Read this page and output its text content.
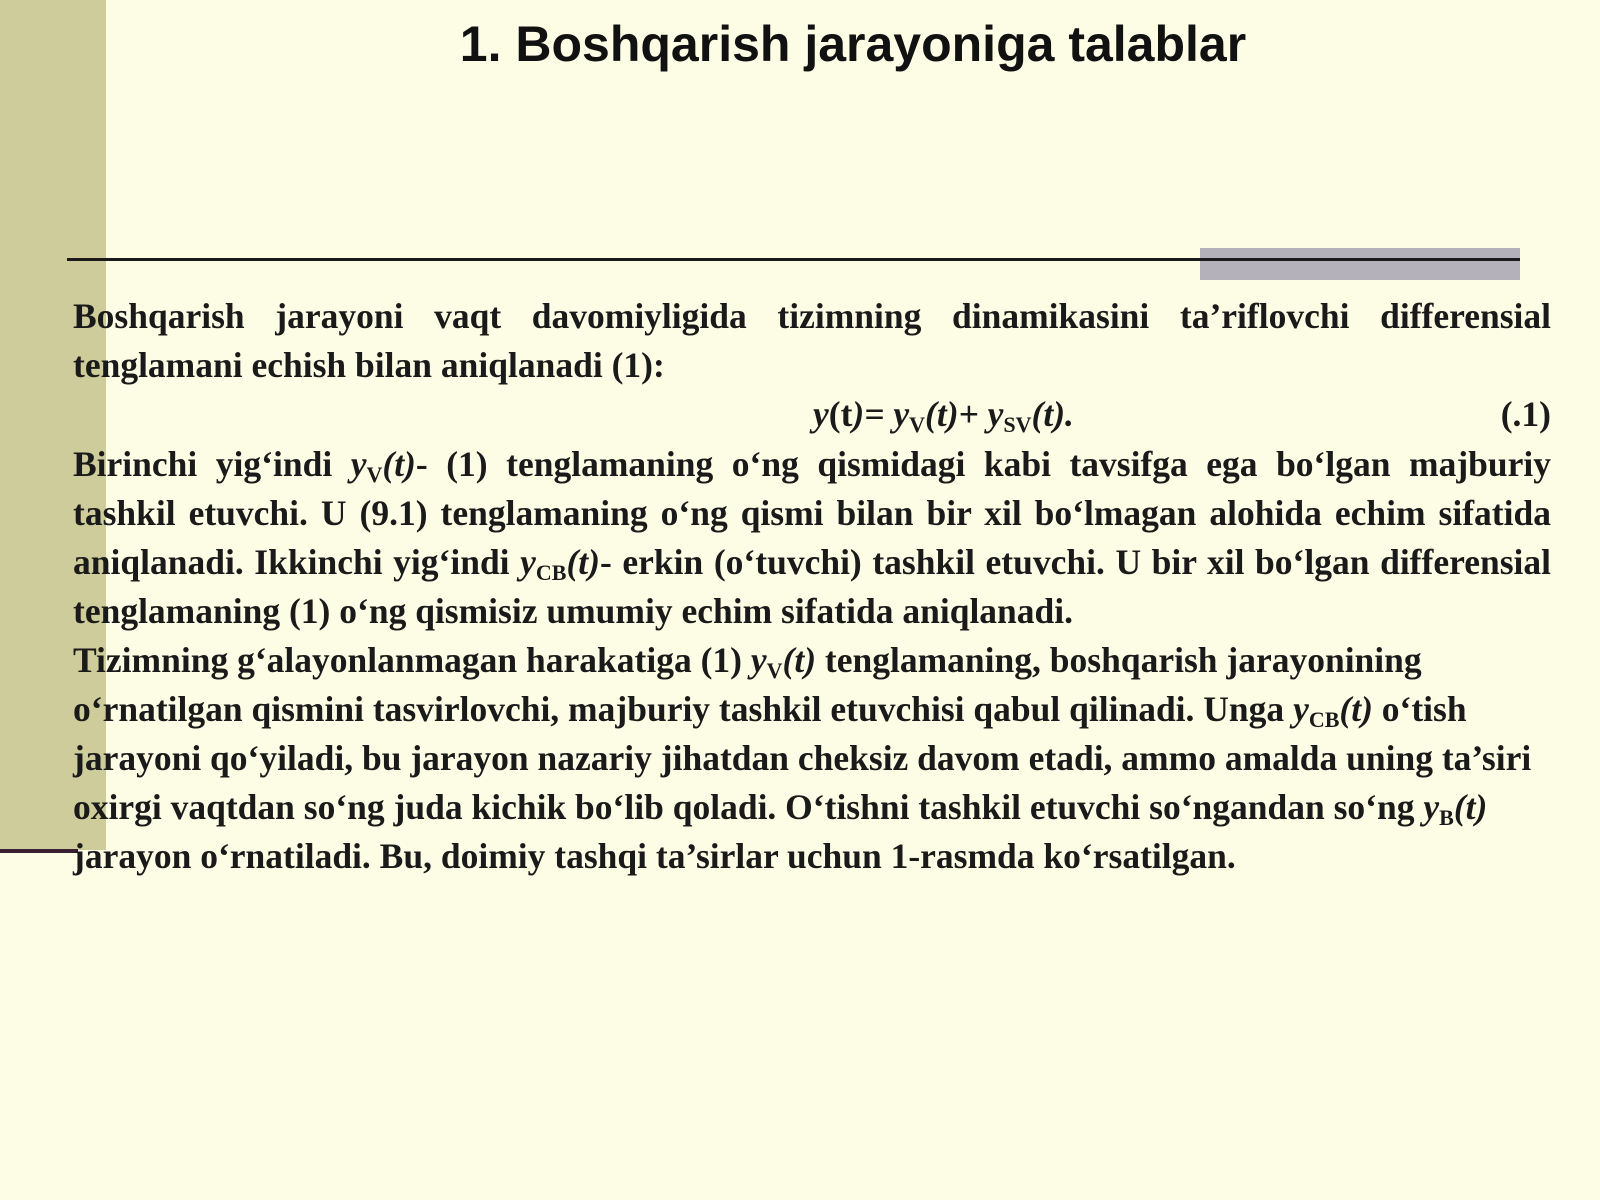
1. Boshqarish jarayoniga talablar

Boshqarish jarayoni vaqt davomiyligida tizimning dinamikasini ta’riflovchi differensial tenglamani echish bilan aniqlanadi (1):

$y(t)= y_V(t)+ y_{SV}(t)$.	(.1)

Birinchi yig‘indi $y_V(t)-$ (1) tenglamaning o‘ng qismidagi kabi tavsifga ega bo‘lgan majburiy tashkil etuvchi. U (9.1) tenglamaning o‘ng qismi bilan bir xil bo‘lmagan alohida echim sifatida aniqlanadi. Ikkinchi yig‘indi $y_{CB}(t)-$ erkin (o‘tuvchi) tashkil etuvchi. U bir xil bo‘lgan differensial tenglamaning (1) o‘ng qismisiz umumiy echim sifatida aniqlanadi.

Tizimning g‘alayonlanmagan harakatiga (1) $y_V(t)$ tenglamaning, boshqarish jarayonining o‘rnatilgan qismini tasvirlovchi, majburiy tashkil etuvchisi qabul qilinadi. Unga $y_{CB}(t)$ o‘tish jarayoni qo‘yiladi, bu jarayon nazariy jihatdan cheksiz davom etadi, ammo amalda uning ta’siri oxirgi vaqtdan so‘ng juda kichik bo‘lib qoladi. O‘tishni tashkil etuvchi so‘ngandan so‘ng $y_B(t)$ jarayon o‘rnatiladi. Bu, doimiy tashqi ta’sirlar uchun 1-rasmda ko‘rsatilgan.
